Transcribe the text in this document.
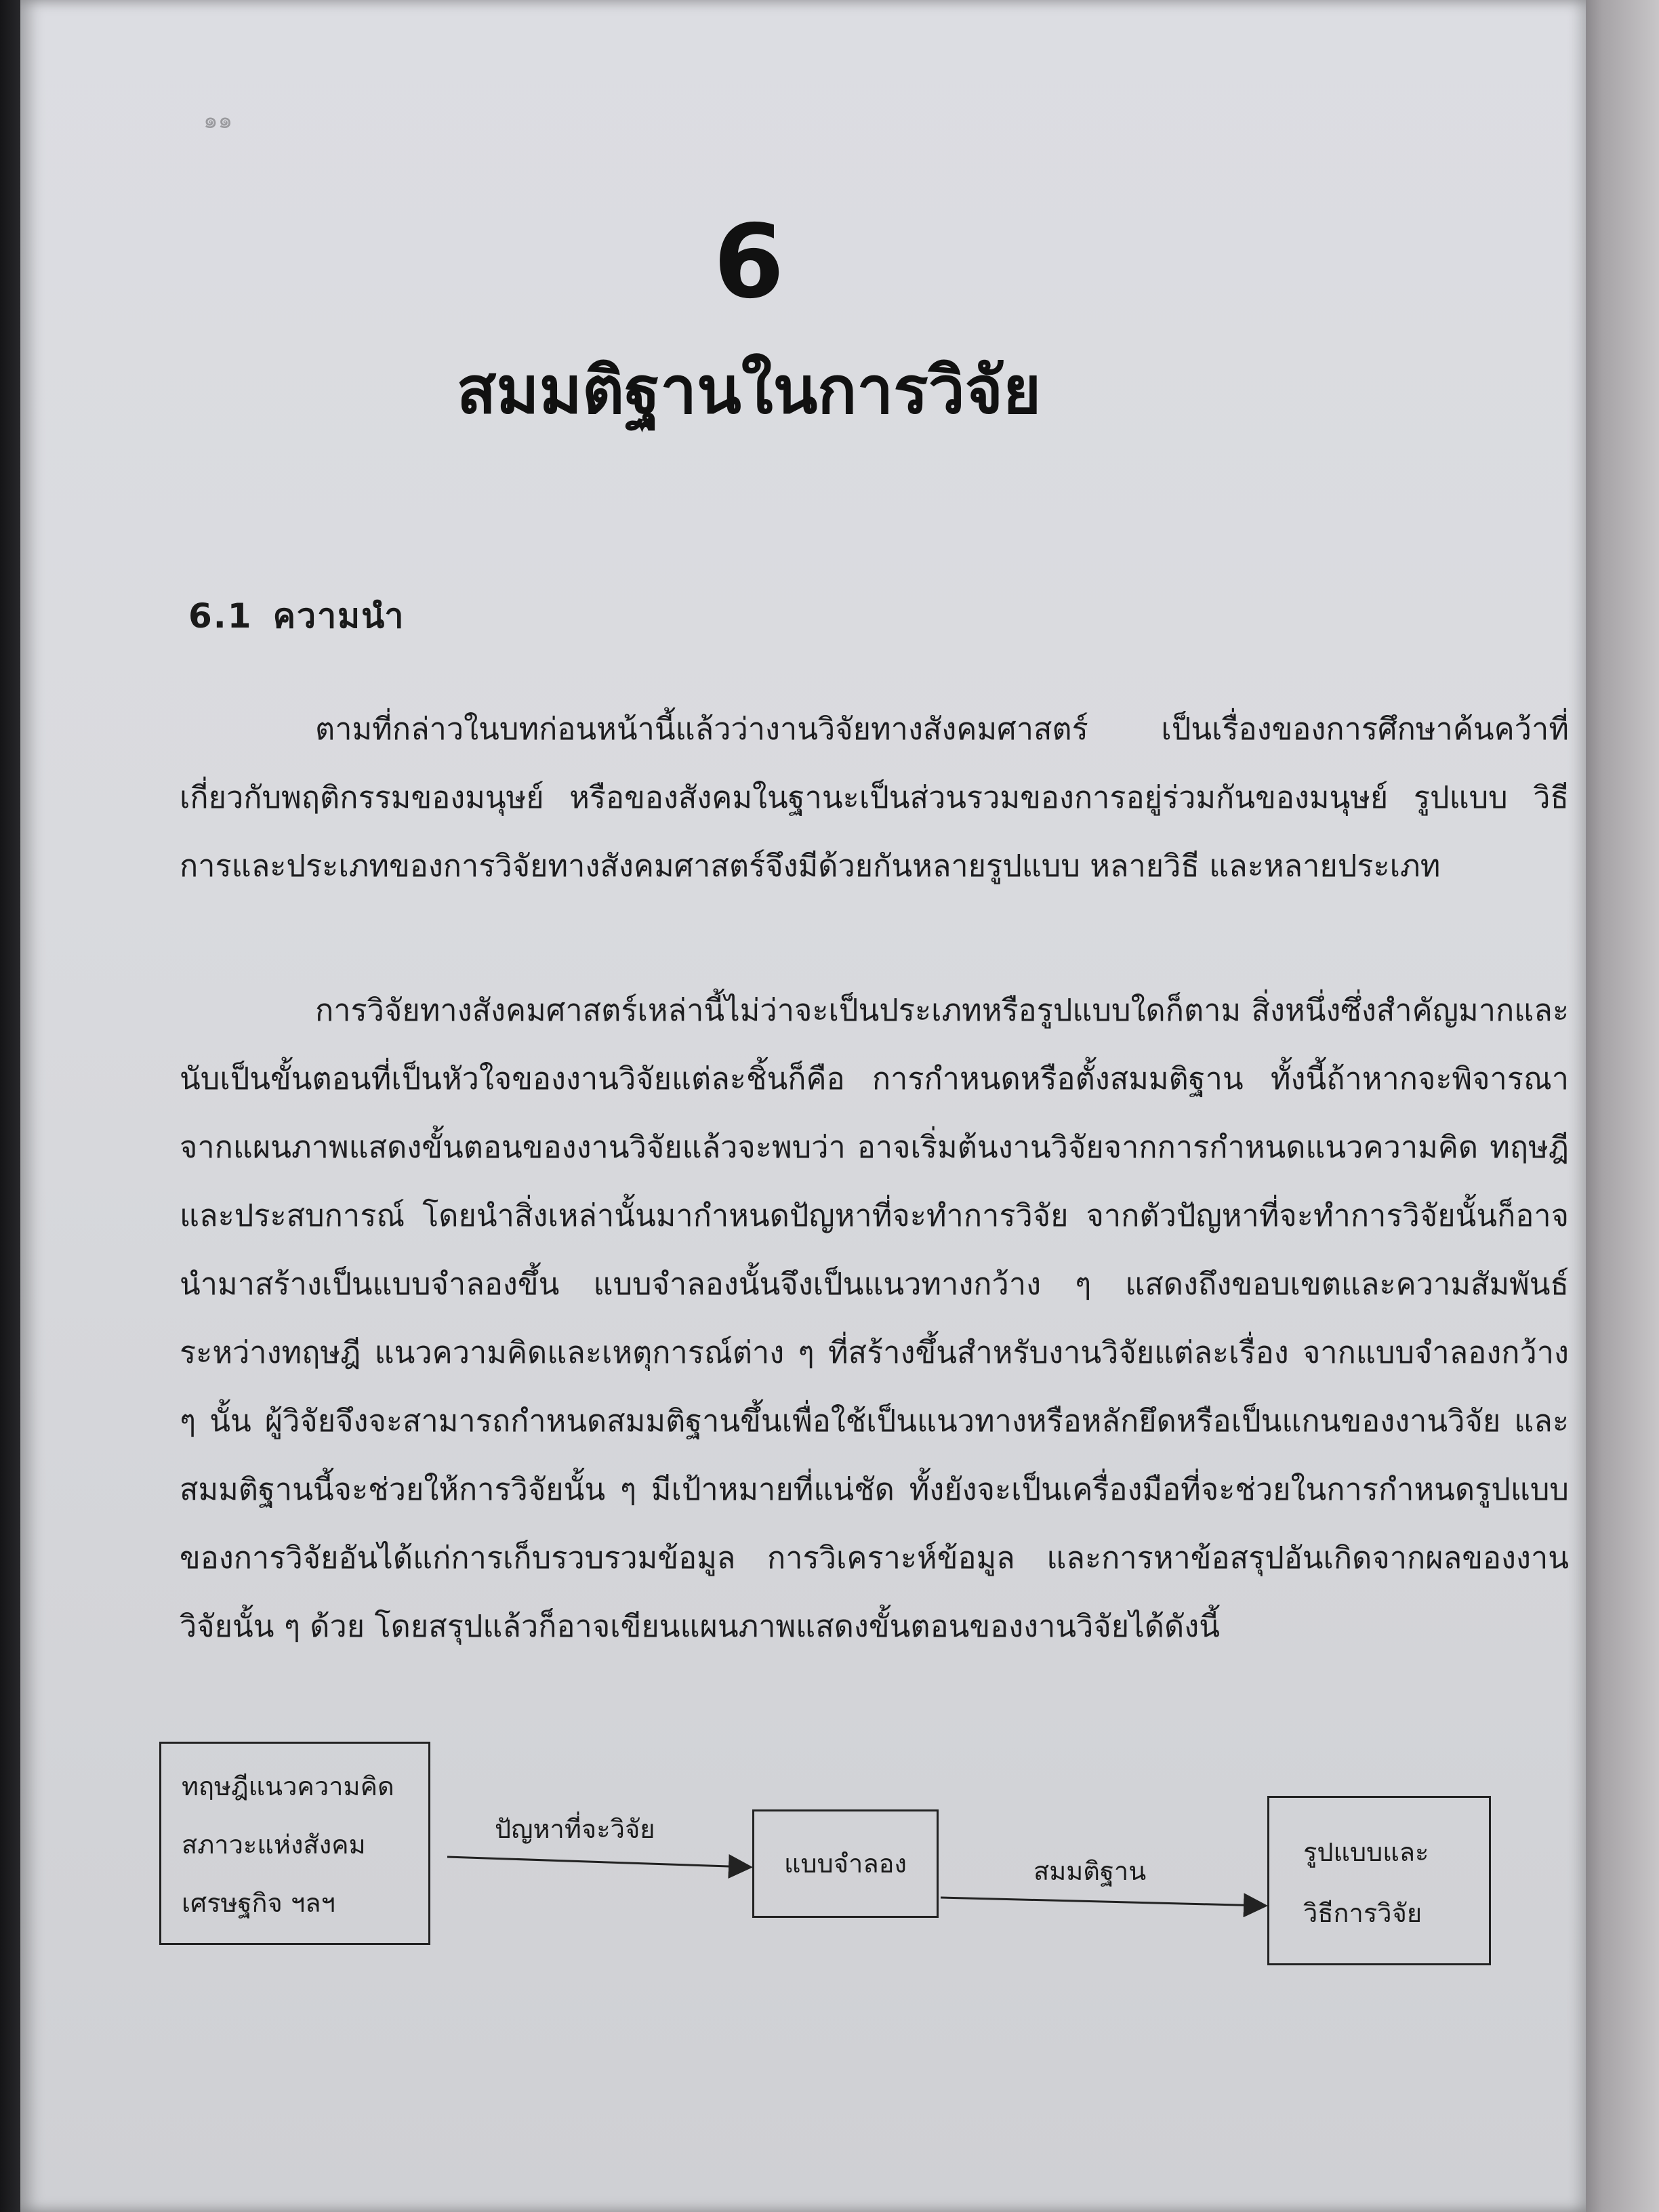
๑๑
6
สมมติฐานในการวิจัย
6.1 ความนำ

ตามที่กล่าวในบทก่อนหน้านี้แล้วว่างานวิจัยทางสังคมศาสตร์ เป็นเรื่องของการศึกษาค้นคว้าที่เกี่ยวกับพฤติกรรมของมนุษย์ หรือของสังคมในฐานะเป็นส่วนรวมของการอยู่ร่วมกันของมนุษย์ รูปแบบ วิธีการและประเภทของการวิจัยทางสังคมศาสตร์จึงมีด้วยกันหลายรูปแบบ หลายวิธี และหลายประเภท

การวิจัยทางสังคมศาสตร์เหล่านี้ไม่ว่าจะเป็นประเภทหรือรูปแบบใดก็ตาม สิ่งหนึ่งซึ่งสำคัญมากและนับเป็นขั้นตอนที่เป็นหัวใจของงานวิจัยแต่ละชิ้นก็คือ การกำหนดหรือตั้งสมมติฐาน ทั้งนี้ถ้าหากจะพิจารณาจากแผนภาพแสดงขั้นตอนของงานวิจัยแล้วจะพบว่า อาจเริ่มต้นงานวิจัยจากการกำหนดแนวความคิด ทฤษฎี และประสบการณ์ โดยนำสิ่งเหล่านั้นมากำหนดปัญหาที่จะทำการวิจัย จากตัวปัญหาที่จะทำการวิจัยนั้นก็อาจนำมาสร้างเป็นแบบจำลองขึ้น แบบจำลองนั้นจึงเป็นแนวทางกว้าง ๆ แสดงถึงขอบเขตและความสัมพันธ์ระหว่างทฤษฎี แนวความคิดและเหตุการณ์ต่าง ๆ ที่สร้างขึ้นสำหรับงานวิจัยแต่ละเรื่อง จากแบบจำลองกว้าง ๆ นั้น ผู้วิจัยจึงจะสามารถกำหนดสมมติฐานขึ้นเพื่อใช้เป็นแนวทางหรือหลักยึดหรือเป็นแกนของงานวิจัย และสมมติฐานนี้จะช่วยให้การวิจัยนั้น ๆ มีเป้าหมายที่แน่ชัด ทั้งยังจะเป็นเครื่องมือที่จะช่วยในการกำหนดรูปแบบของการวิจัยอันได้แก่การเก็บรวบรวมข้อมูล การวิเคราะห์ข้อมูล และการหาข้อสรุปอันเกิดจากผลของงานวิจัยนั้น ๆ ด้วย โดยสรุปแล้วก็อาจเขียนแผนภาพแสดงขั้นตอนของงานวิจัยได้ดังนี้

ทฤษฎีแนวความคิด
สภาวะแห่งสังคม
เศรษฐกิจ ฯลฯ
ปัญหาที่จะวิจัย
แบบจำลอง	สมมติฐาน
รูปแบบและ
วิธีการวิจัย
